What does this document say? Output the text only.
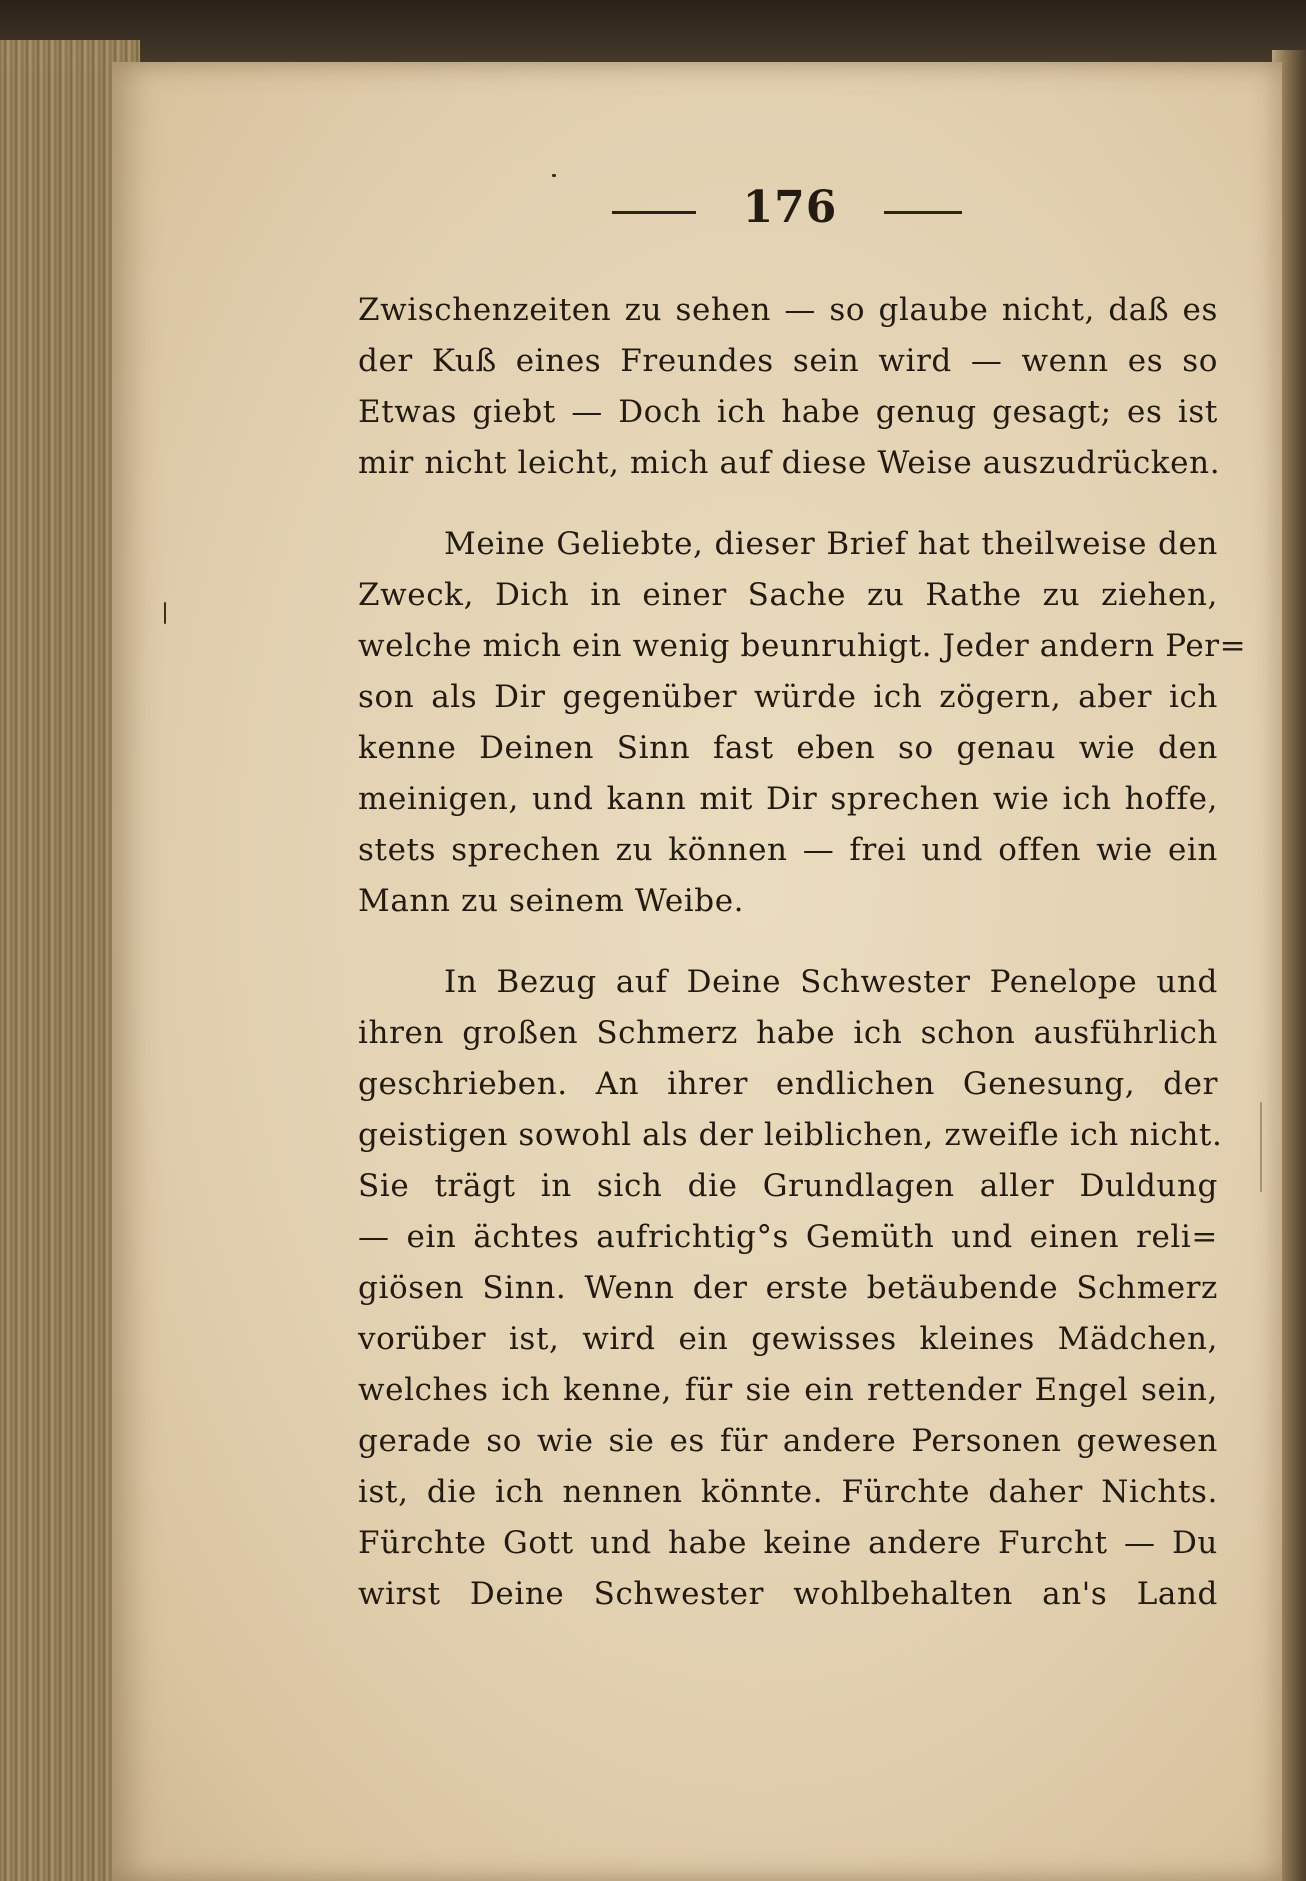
176
Zwischenzeiten zu sehen — so glaube nicht, daß es
der Kuß eines Freundes sein wird — wenn es so
Etwas giebt — Doch ich habe genug gesagt; es ist
mir nicht leicht, mich auf diese Weise auszudrücken.
Meine Geliebte, dieser Brief hat theilweise den
Zweck, Dich in einer Sache zu Rathe zu ziehen,
welche mich ein wenig beunruhigt. Jeder andern Per=
son als Dir gegenüber würde ich zögern, aber ich
kenne Deinen Sinn fast eben so genau wie den
meinigen, und kann mit Dir sprechen wie ich hoffe,
stets sprechen zu können — frei und offen wie ein
Mann zu seinem Weibe.
In Bezug auf Deine Schwester Penelope und
ihren großen Schmerz habe ich schon ausführlich
geschrieben. An ihrer endlichen Genesung, der
geistigen sowohl als der leiblichen, zweifle ich nicht.
Sie trägt in sich die Grundlagen aller Duldung
— ein ächtes aufrichtig°s Gemüth und einen reli=
giösen Sinn. Wenn der erste betäubende Schmerz
vorüber ist, wird ein gewisses kleines Mädchen,
welches ich kenne, für sie ein rettender Engel sein,
gerade so wie sie es für andere Personen gewesen
ist, die ich nennen könnte. Fürchte daher Nichts.
Fürchte Gott und habe keine andere Furcht — Du
wirst Deine Schwester wohlbehalten an's Land
